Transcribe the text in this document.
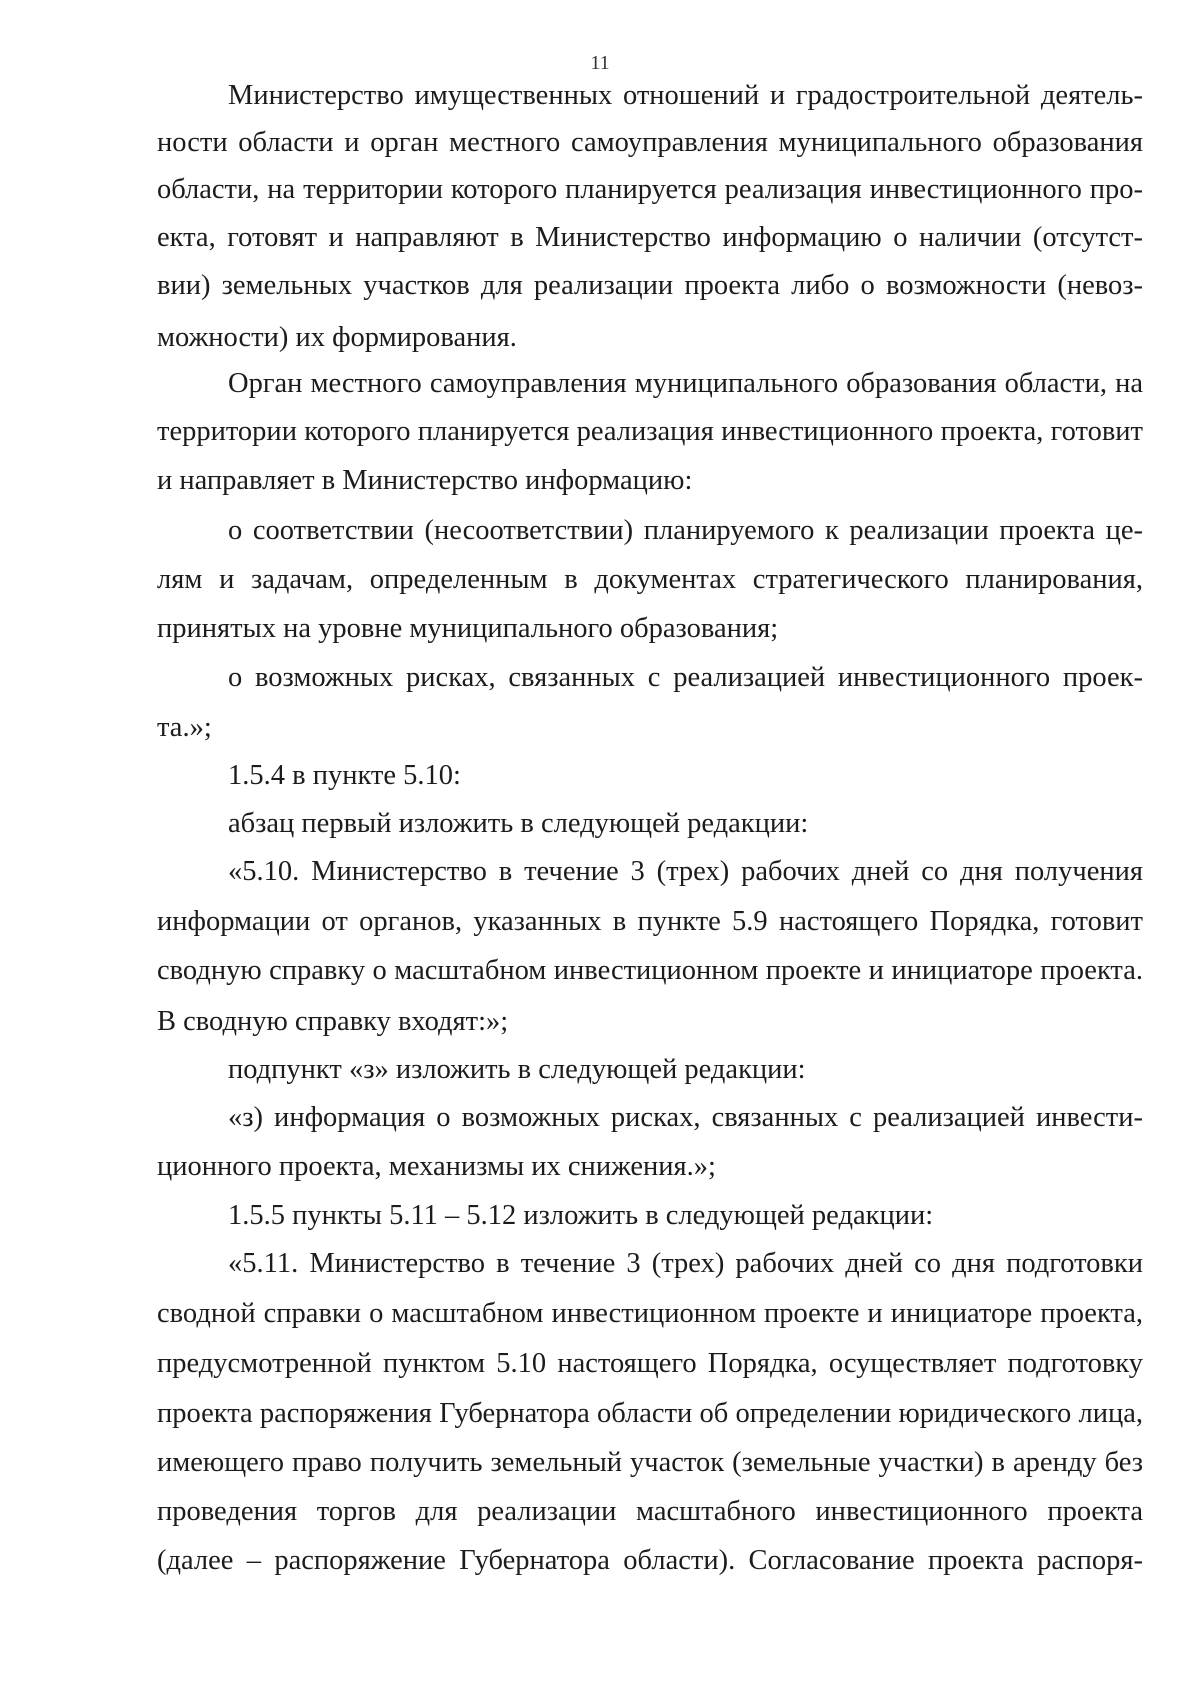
11
Министерство имущественных отношений и градостроительной деятель-
ности области и орган местного самоуправления муниципального образования
области, на территории которого планируется реализация инвестиционного про-
екта, готовят и направляют в Министерство информацию о наличии (отсутст-
вии) земельных участков для реализации проекта либо о возможности (невоз-
можности) их формирования.
Орган местного самоуправления муниципального образования области, на
территории которого планируется реализация инвестиционного проекта, готовит
и направляет в Министерство информацию:
о соответствии (несоответствии) планируемого к реализации проекта це-
лям и задачам, определенным в документах стратегического планирования,
принятых на уровне муниципального образования;
о возможных рисках, связанных с реализацией инвестиционного проек-
та.»;
1.5.4 в пункте 5.10:
абзац первый изложить в следующей редакции:
«5.10. Министерство в течение 3 (трех) рабочих дней со дня получения
информации от органов, указанных в пункте 5.9 настоящего Порядка, готовит
сводную справку о масштабном инвестиционном проекте и инициаторе проекта.
В сводную справку входят:»;
подпункт «з» изложить в следующей редакции:
«з) информация о возможных рисках, связанных с реализацией инвести-
ционного проекта, механизмы их снижения.»;
1.5.5 пункты 5.11 – 5.12 изложить в следующей редакции:
«5.11. Министерство в течение 3 (трех) рабочих дней со дня подготовки
сводной справки о масштабном инвестиционном проекте и инициаторе проекта,
предусмотренной пунктом 5.10 настоящего Порядка, осуществляет подготовку
проекта распоряжения Губернатора области об определении юридического лица,
имеющего право получить земельный участок (земельные участки) в аренду без
проведения торгов для реализации масштабного инвестиционного проекта
(далее – распоряжение Губернатора области). Согласование проекта распоря-
